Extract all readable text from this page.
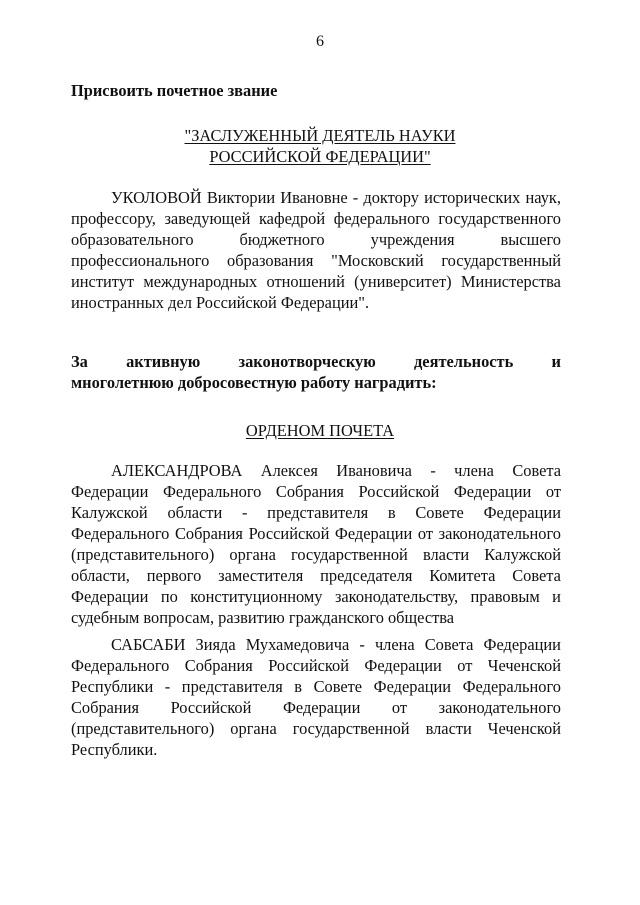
6
Присвоить почетное звание
"ЗАСЛУЖЕННЫЙ ДЕЯТЕЛЬ НАУКИ
РОССИЙСКОЙ ФЕДЕРАЦИИ"
УКОЛОВОЙ Виктории Ивановне - доктору исторических наук,
профессору, заведующей кафедрой федерального государственного
образовательного	бюджетного	учреждения	высшего
профессионального образования "Московский государственный
институт международных отношений (университет) Министерства
иностранных дел Российской Федерации".
За активную законотворческую деятельность и
многолетнюю добросовестную работу наградить:
ОРДЕНОМ ПОЧЕТА
АЛЕКСАНДРОВА Алексея Ивановича - члена Совета
Федерации Федерального Собрания Российской Федерации от
Калужской области - представителя в Совете Федерации
Федерального Собрания Российской Федерации от законодательного
(представительного) органа государственной власти Калужской
области, первого заместителя председателя Комитета Совета
Федерации по конституционному законодательству, правовым и
судебным вопросам, развитию гражданского общества
САБСАБИ Зияда Мухамедовича - члена Совета Федерации
Федерального Собрания Российской Федерации от Чеченской
Республики - представителя в Совете Федерации Федерального
Собрания Российской Федерации от законодательного
(представительного) органа государственной власти Чеченской
Республики.
